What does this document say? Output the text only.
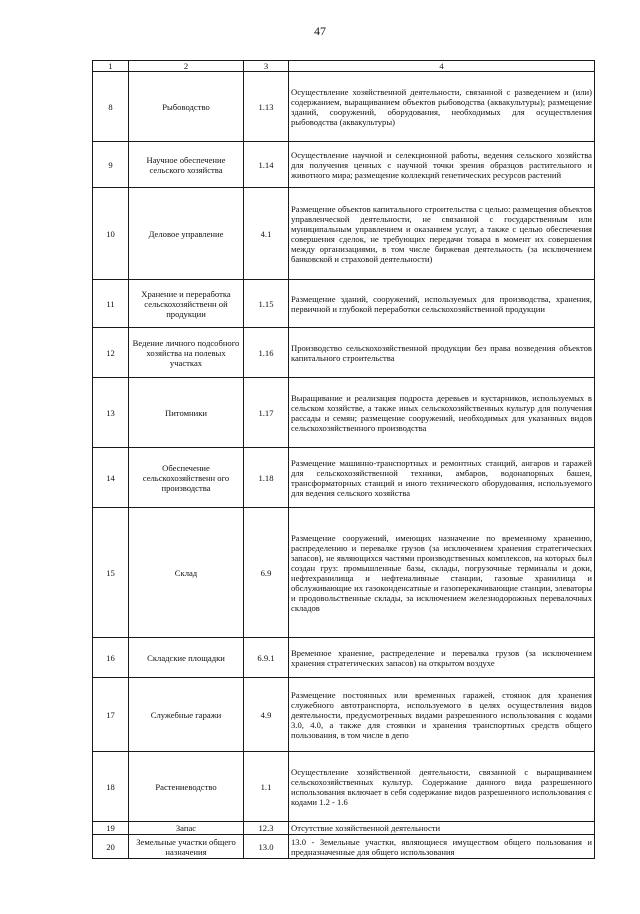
47
1	2	3	4
8	Рыбоводство	1.13	Осуществление хозяйственной деятельности, связанной с разведением и (или) содержанием, выращиванием объектов рыбоводства (аквакультуры); размещение зданий, сооружений, оборудования, необходимых для осуществления рыбоводства (аквакультуры)
9	Научное обеспечение сельского хозяйства	1.14	Осуществление научной и селекционной работы, ведения сельского хозяйства для получения ценных с научной точки зрения образцов растительного и животного мира; размещение коллекций генетических ресурсов растений
10	Деловое управление	4.1	Размещение объектов капитального строительства с целью: размещения объектов управленческой деятельности, не связанной с государственным или муниципальным управлением и оказанием услуг, а также с целью обеспечения совершения сделок, не требующих передачи товара в момент их совершения между организациями, в том числе биржевая деятельность (за исключением банковской и страховой деятельности)
11	Хранение и переработка сельскохозяйственн ой продукции	1.15	Размещение зданий, сооружений, используемых для производства, хранения, первичной и глубокой переработки сельскохозяйственной продукции
12	Ведение личного подсобного хозяйства на полевых участках	1.16	Производство сельскохозяйственной продукции без права возведения объектов капитального строительства
13	Питомники	1.17	Выращивание и реализация подроста деревьев и кустарников, используемых в сельском хозяйстве, а также иных сельскохозяйственных культур для получения рассады и семян; размещение сооружений, необходимых для указанных видов сельскохозяйственного производства
14	Обеспечение сельскохозяйственн ого производства	1.18	Размещение машинно-транспортных и ремонтных станций, ангаров и гаражей для сельскохозяйственной техники, амбаров, водонапорных башен, трансформаторных станций и иного технического оборудования, используемого для ведения сельского хозяйства
15	Склад	6.9	Размещение сооружений, имеющих назначение по временному хранению, распределению и перевалке грузов (за исключением хранения стратегических запасов), не являющихся частями производственных комплексов, на которых был создан груз: промышленные базы, склады, погрузочные терминалы и доки, нефтехранилища и нефтеналивные станции, газовые хранилища и обслуживающие их газоконденсатные и газоперекачивающие станции, элеваторы и продовольственные склады, за исключением железнодорожных перевалочных складов
16	Складские площадки	6.9.1	Временное хранение, распределение и перевалка грузов (за исключением хранения стратегических запасов) на открытом воздухе
17	Служебные гаражи	4.9	Размещение постоянных или временных гаражей, стоянок для хранения служебного автотранспорта, используемого в целях осуществления видов деятельности, предусмотренных видами разрешенного использования с кодами 3.0, 4.0, а также для стоянки и хранения транспортных средств общего пользования, в том числе в депо
18	Растениеводство	1.1	Осуществление хозяйственной деятельности, связанной с выращиванием сельскохозяйственных культур. Содержание данного вида разрешенного использования включает в себя содержание видов разрешенного использования с кодами 1.2 - 1.6
19	Запас	12.3	Отсутствие хозяйственной деятельности
20	Земельные участки общего назначения	13.0	13.0 - Земельные участки, являющиеся имуществом общего пользования и предназначенные для общего использования
